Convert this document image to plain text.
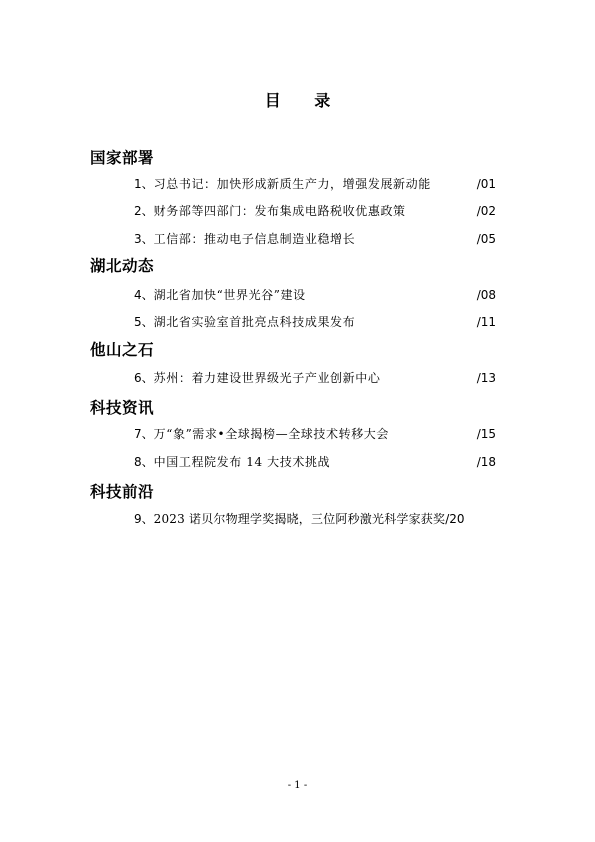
目 录
国家部署
1、习总书记：加快形成新质生产力，增强发展新动能	/01
2、财务部等四部门：发布集成电路税收优惠政策	/02
3、工信部：推动电子信息制造业稳增长	/05
湖北动态
4、湖北省加快“世界光谷”建设	/08
5、湖北省实验室首批亮点科技成果发布	/11
他山之石
6、苏州：着力建设世界级光子产业创新中心	/13
科技资讯
7、万“象”需求•全球揭榜—全球技术转移大会	/15
8、中国工程院发布 14 大技术挑战	/18
科技前沿
9、2023 诺贝尔物理学奖揭晓，三位阿秒激光科学家获奖/20
- 1 -
